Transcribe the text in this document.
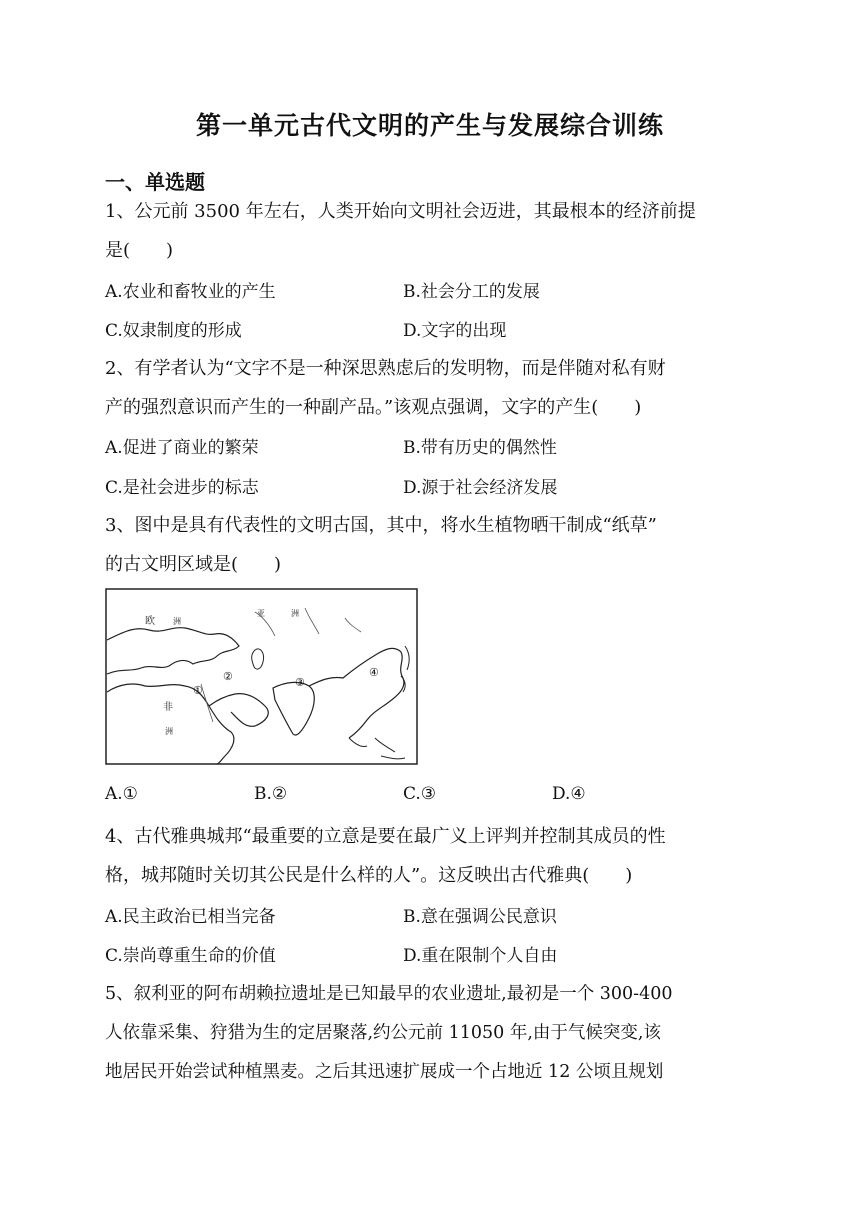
第一单元古代文明的产生与发展综合训练
一、单选题
1、公元前 3500 年左右，人类开始向文明社会迈进，其最根本的经济前提
是(　　)
A.农业和畜牧业的产生	B.社会分工的发展
C.奴隶制度的形成	D.文字的出现
2、有学者认为“文字不是一种深思熟虑后的发明物，而是伴随对私有财
产的强烈意识而产生的一种副产品。”该观点强调，文字的产生(　　)
A.促进了商业的繁荣	B.带有历史的偶然性
C.是社会进步的标志	D.源于社会经济发展
3、图中是具有代表性的文明古国，其中，将水生植物晒干制成“纸草”
的古文明区域是(　　)
欧 洲
亚	洲
非
洲
①
②	③
④
A.①	B.②	C.③	D.④
4、古代雅典城邦“最重要的立意是要在最广义上评判并控制其成员的性
格，城邦随时关切其公民是什么样的人”。这反映出古代雅典(　　)
A.民主政治已相当完备	B.意在强调公民意识
C.崇尚尊重生命的价值	D.重在限制个人自由
5、叙利亚的阿布胡赖拉遗址是已知最早的农业遗址,最初是一个 300-400
人依靠采集、狩猎为生的定居聚落,约公元前 11050 年,由于气候突变,该
地居民开始尝试种植黑麦。之后其迅速扩展成一个占地近 12 公顷且规划
